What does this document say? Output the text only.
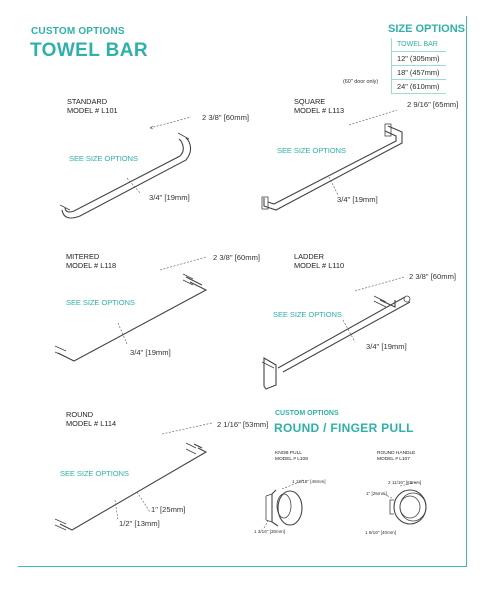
CUSTOM OPTIONS
TOWEL BAR
SIZE OPTIONS
TOWEL BAR
12" (305mm)
18" (457mm)
24" (610mm)
(60" door only)
STANDARD
MODEL # L101
2 3/8" [60mm]
SEE SIZE OPTIONS
3/4" [19mm]
SQUARE
MODEL # L113
2 9/16" [65mm]
SEE SIZE OPTIONS
3/4" [19mm]
MITERED
MODEL # L118
2 3/8" [60mm]
SEE SIZE OPTIONS
3/4" [19mm]
LADDER
MODEL # L110
2 3/8" [60mm]
SEE SIZE OPTIONS
3/4" [19mm]
ROUND
MODEL # L114	2 1/16" [53mm]
SEE SIZE OPTIONS
1" [25mm]
1/2" [13mm]
CUSTOM OPTIONS
ROUND / FINGER PULL
KNOB PULL
MODEL # L108
1 13/16" [46mm]
1 3/16" [30mm]
ROUND HANDLE
MODEL # L107
2 11/16" [68mm]
1" [25mm]
1 9/16" [40mm]
